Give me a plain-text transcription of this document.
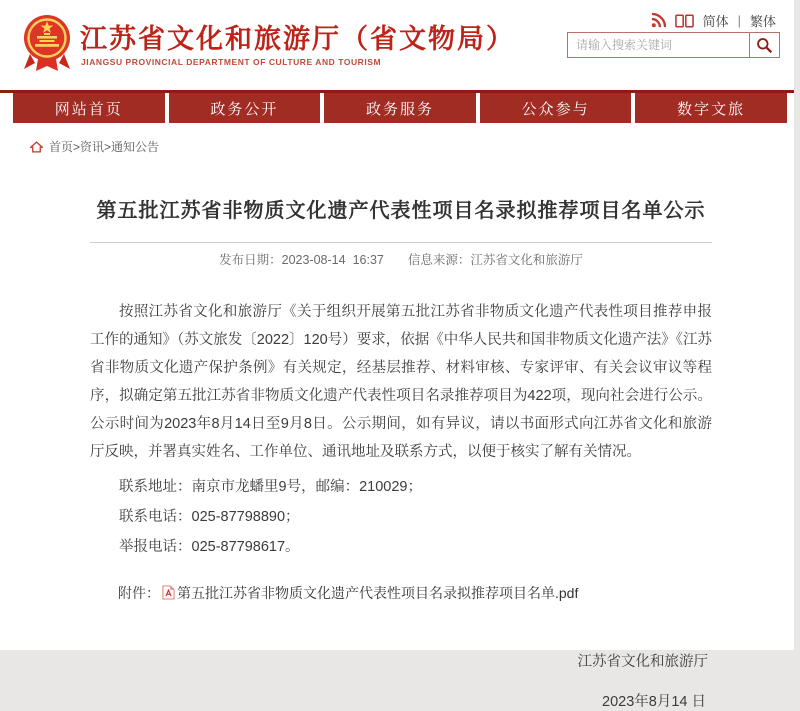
江苏省文化和旅游厅（省文物局）
JIANGSU PROVINCIAL DEPARTMENT OF CULTURE AND TOURISM
简体 | 繁体
请输入搜索关键词
网站首页	政务公开	政务服务	公众参与	数字文旅
首页>资讯>通知公告
第五批江苏省非物质文化遗产代表性项目名录拟推荐项目名单公示
发布日期：2023-08-14 16:37 信息来源：江苏省文化和旅游厅

按照江苏省文化和旅游厅《关于组织开展第五批江苏省非物质文化遗产代表性项目推荐申报工作的通知》（苏文旅发〔2022〕120号）要求，依据《中华人民共和国非物质文化遗产法》《江苏省非物质文化遗产保护条例》有关规定，经基层推荐、材料审核、专家评审、有关会议审议等程序，拟确定第五批江苏省非物质文化遗产代表性项目名录推荐项目为422项，现向社会进行公示。公示时间为2023年8月14日至9月8日。公示期间，如有异议，请以书面形式向江苏省文化和旅游厅反映，并署真实姓名、工作单位、通讯地址及联系方式，以便于核实了解有关情况。

联系地址：南京市龙蟠里9号，邮编：210029；

联系电话：025-87798890；

举报电话：025-87798617。

附件： 第五批江苏省非物质文化遗产代表性项目名录拟推荐项目名单.pdf
江苏省文化和旅游厅
2023年8月14 日
